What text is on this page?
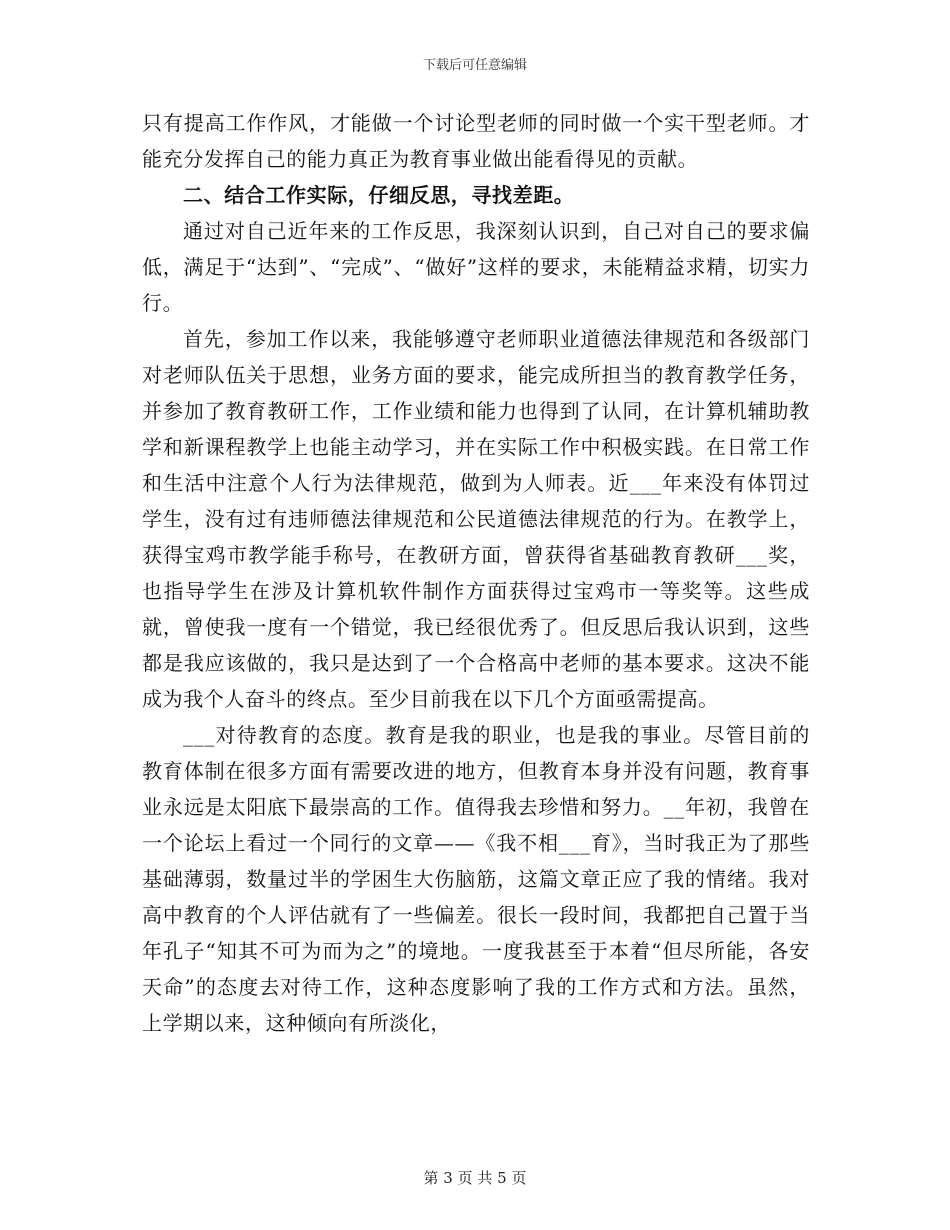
下载后可任意编辑

只有提高工作作风，才能做一个讨论型老师的同时做一个实干型老师。才能充分发挥自己的能力真正为教育事业做出能看得见的贡献。

二、结合工作实际，仔细反思，寻找差距。

通过对自己近年来的工作反思，我深刻认识到，自己对自己的要求偏低，满足于“达到”、“完成”、“做好”这样的要求，未能精益求精，切实力行。

首先，参加工作以来，我能够遵守老师职业道德法律规范和各级部门对老师队伍关于思想，业务方面的要求，能完成所担当的教育教学任务，并参加了教育教研工作，工作业绩和能力也得到了认同，在计算机辅助教学和新课程教学上也能主动学习，并在实际工作中积极实践。在日常工作和生活中注意个人行为法律规范，做到为人师表。近___年来没有体罚过学生，没有过有违师德法律规范和公民道德法律规范的行为。在教学上，获得宝鸡市教学能手称号，在教研方面，曾获得省基础教育教研___奖，也指导学生在涉及计算机软件制作方面获得过宝鸡市一等奖等。这些成就，曾使我一度有一个错觉，我已经很优秀了。但反思后我认识到，这些都是我应该做的，我只是达到了一个合格高中老师的基本要求。这决不能成为我个人奋斗的终点。至少目前我在以下几个方面亟需提高。

___对待教育的态度。教育是我的职业，也是我的事业。尽管目前的教育体制在很多方面有需要改进的地方，但教育本身并没有问题，教育事业永远是太阳底下最崇高的工作。值得我去珍惜和努力。__年初，我曾在一个论坛上看过一个同行的文章——《我不相___育》，当时我正为了那些基础薄弱，数量过半的学困生大伤脑筋，这篇文章正应了我的情绪。我对高中教育的个人评估就有了一些偏差。很长一段时间，我都把自己置于当年孔子“知其不可为而为之”的境地。一度我甚至于本着“但尽所能，各安天命”的态度去对待工作，这种态度影响了我的工作方式和方法。虽然，上学期以来，这种倾向有所淡化，

第 3 页 共 5 页
